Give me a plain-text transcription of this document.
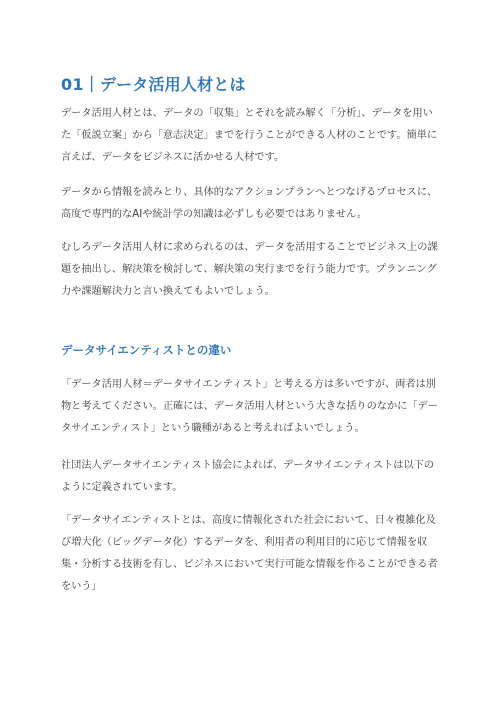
01｜データ活用人材とは
データ活用人材とは、データの「収集」とそれを読み解く「分析」、データを用い
た「仮説立案」から「意志決定」までを行うことができる人材のことです。簡単に
言えば、データをビジネスに活かせる人材です。
データから情報を読みとり、具体的なアクションプランへとつなげるプロセスに、
高度で専門的なAIや統計学の知識は必ずしも必要ではありません。
むしろデータ活用人材に求められるのは、データを活用することでビジネス上の課
題を抽出し、解決策を検討して、解決策の実行までを行う能力です。プランニング
力や課題解決力と言い換えてもよいでしょう。
データサイエンティストとの違い
「データ活用人材＝データサイエンティスト」と考える方は多いですが、両者は別
物と考えてください。正確には、データ活用人材という大きな括りのなかに「デー
タサイエンティスト」という職種があると考えればよいでしょう。
社団法人データサイエンティスト協会によれば、データサイエンティストは以下の
ように定義されています。
「データサイエンティストとは、高度に情報化された社会において、日々複雑化及
び増大化（ビッグデータ化）するデータを、利用者の利用目的に応じて情報を収
集・分析する技術を有し、ビジネスにおいて実行可能な情報を作ることができる者
をいう」
